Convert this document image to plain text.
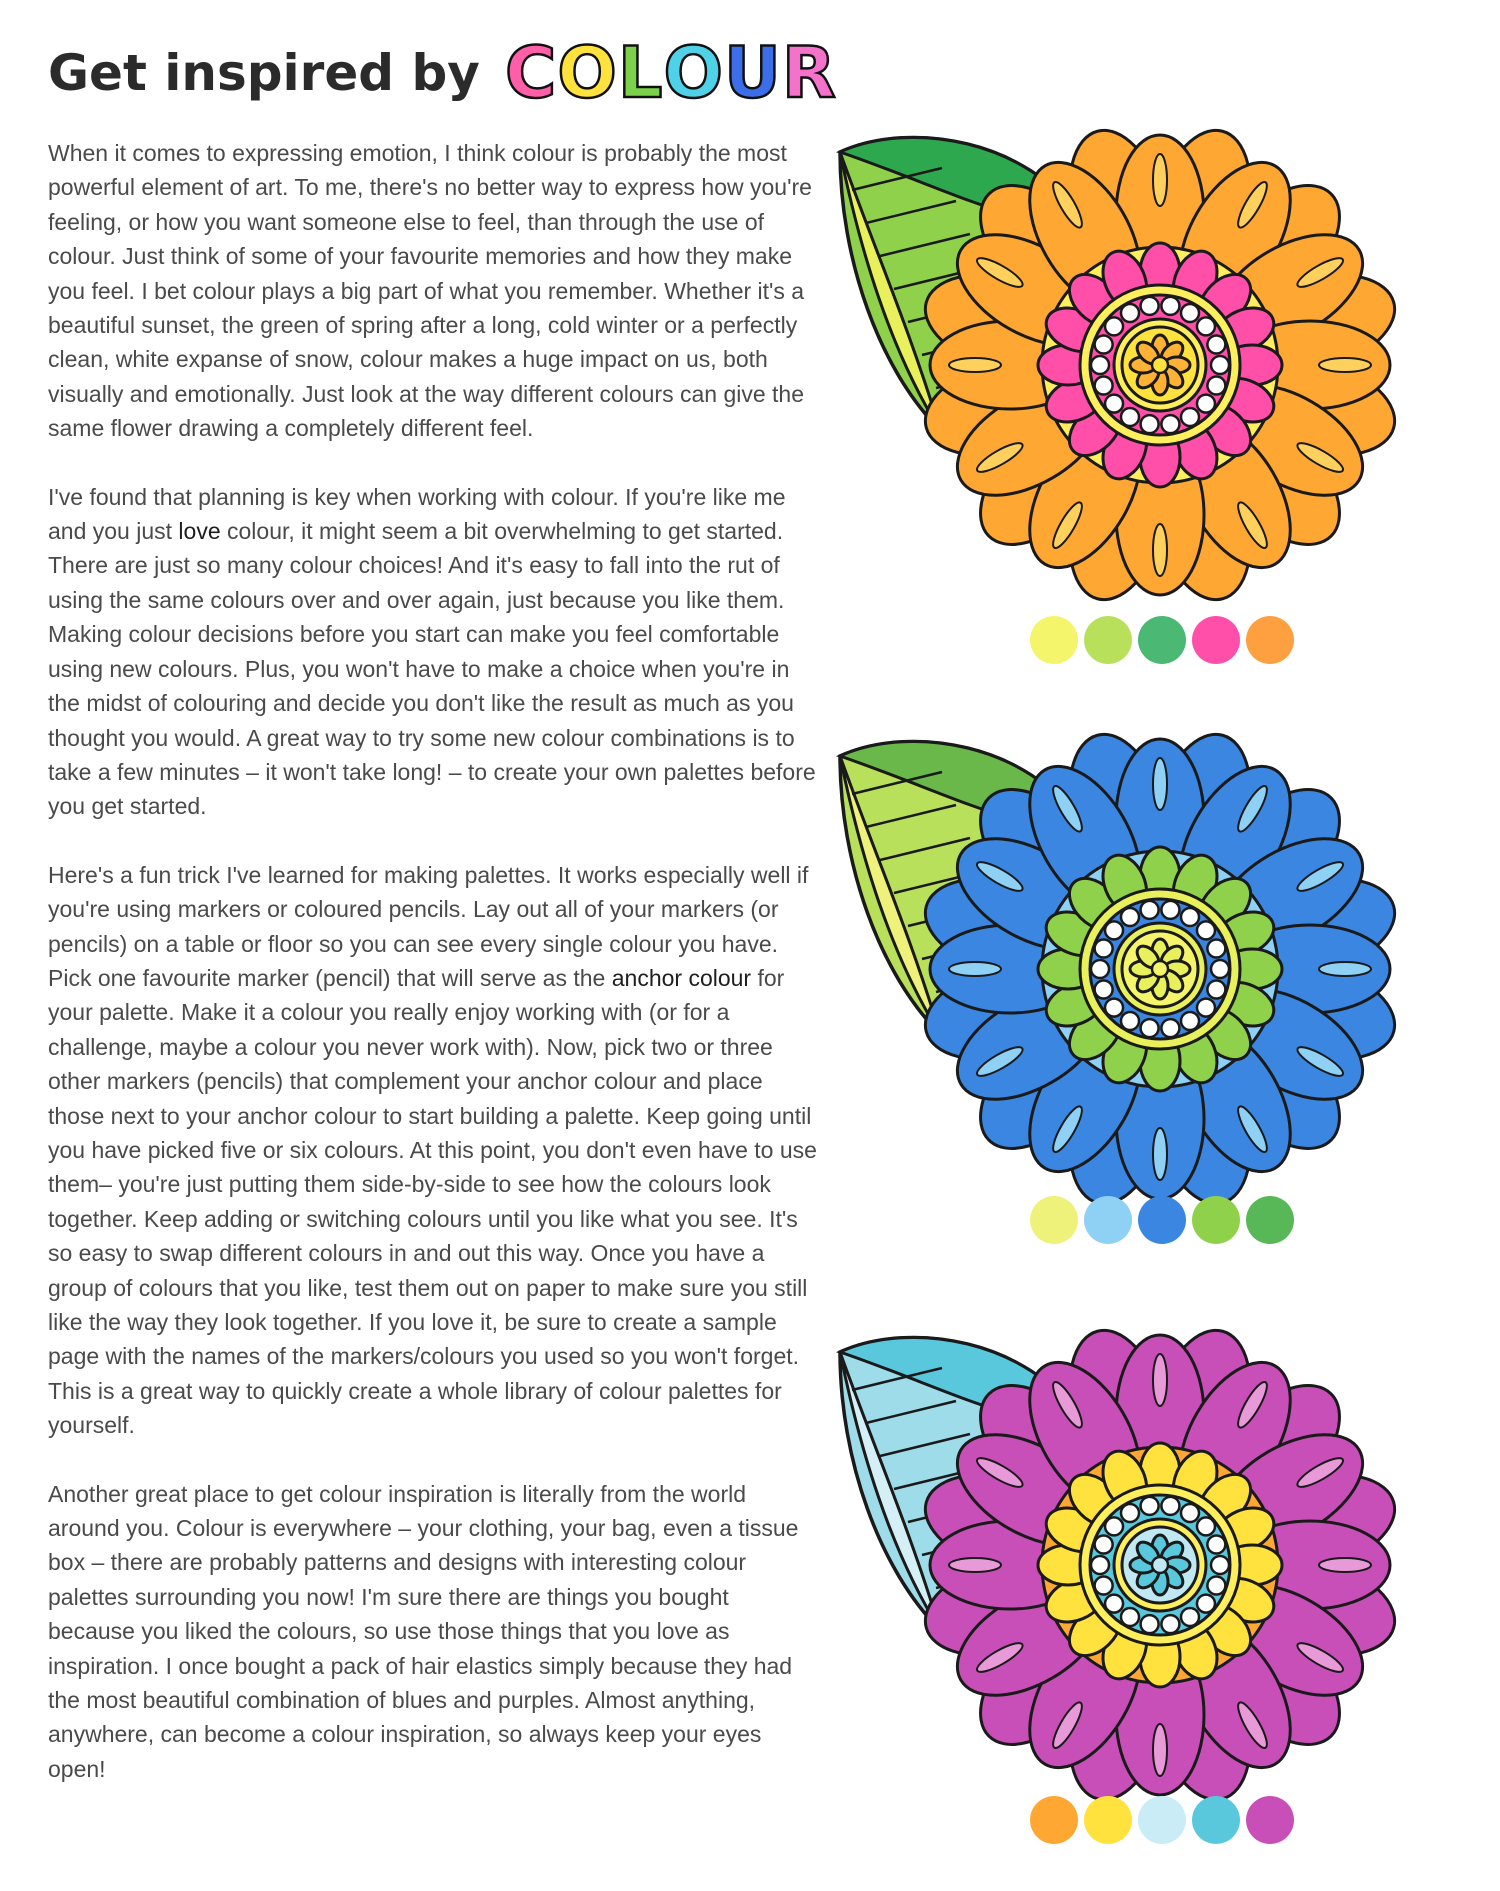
Get inspired by COLOUR

When it comes to expressing emotion, I think colour is probably the most powerful element of art. To me, there's no better way to express how you're feeling, or how you want someone else to feel, than through the use of colour. Just think of some of your favourite memories and how they make you feel. I bet colour plays a big part of what you remember. Whether it's a beautiful sunset, the green of spring after a long, cold winter or a perfectly clean, white expanse of snow, colour makes a huge impact on us, both visually and emotionally. Just look at the way different colours can give the same flower drawing a completely different feel.

I've found that planning is key when working with colour. If you're like me and you just love colour, it might seem a bit overwhelming to get started. There are just so many colour choices! And it's easy to fall into the rut of using the same colours over and over again, just because you like them. Making colour decisions before you start can make you feel comfortable using new colours. Plus, you won't have to make a choice when you're in the midst of colouring and decide you don't like the result as much as you thought you would. A great way to try some new colour combinations is to take a few minutes – it won't take long! – to create your own palettes before you get started.

Here's a fun trick I've learned for making palettes. It works especially well if you're using markers or coloured pencils. Lay out all of your markers (or pencils) on a table or floor so you can see every single colour you have. Pick one favourite marker (pencil) that will serve as the anchor colour for your palette. Make it a colour you really enjoy working with (or for a challenge, maybe a colour you never work with). Now, pick two or three other markers (pencils) that complement your anchor colour and place those next to your anchor colour to start building a palette. Keep going until you have picked five or six colours. At this point, you don't even have to use them– you're just putting them side-by-side to see how the colours look together. Keep adding or switching colours until you like what you see. It's so easy to swap different colours in and out this way. Once you have a group of colours that you like, test them out on paper to make sure you still like the way they look together. If you love it, be sure to create a sample page with the names of the markers/colours you used so you won't forget. This is a great way to quickly create a whole library of colour palettes for yourself.

Another great place to get colour inspiration is literally from the world around you. Colour is everywhere – your clothing, your bag, even a tissue box – there are probably patterns and designs with interesting colour palettes surrounding you now! I'm sure there are things you bought because you liked the colours, so use those things that you love as inspiration. I once bought a pack of hair elastics simply because they had the most beautiful combination of blues and purples. Almost anything, anywhere, can become a colour inspiration, so always keep your eyes open!
